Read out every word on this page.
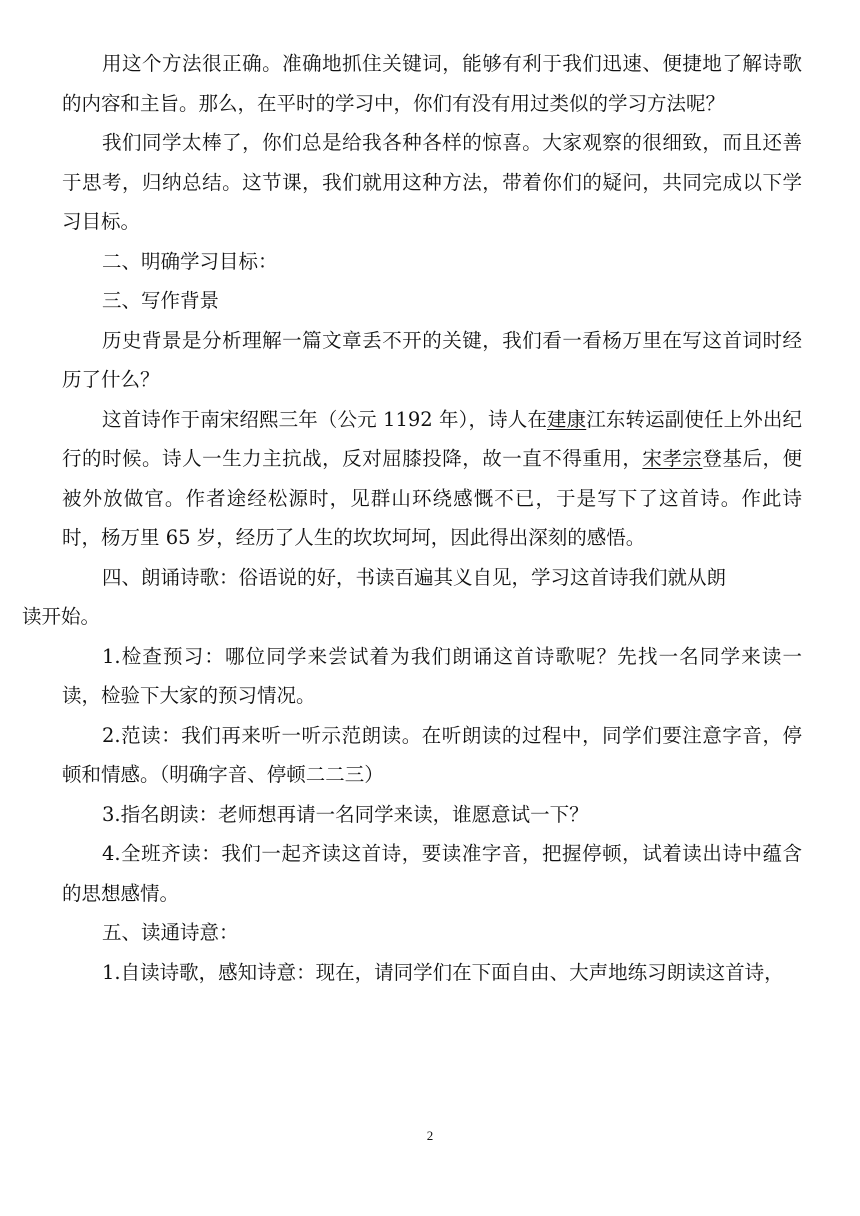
用这个方法很正确。准确地抓住关键词，能够有利于我们迅速、便捷地了解诗歌的内容和主旨。那么，在平时的学习中，你们有没有用过类似的学习方法呢？

我们同学太棒了，你们总是给我各种各样的惊喜。大家观察的很细致，而且还善于思考，归纳总结。这节课，我们就用这种方法，带着你们的疑问，共同完成以下学习目标。

二、明确学习目标：

三、写作背景

历史背景是分析理解一篇文章丢不开的关键，我们看一看杨万里在写这首词时经历了什么？

这首诗作于南宋绍熙三年（公元 1192 年），诗人在建康江东转运副使任上外出纪行的时候。诗人一生力主抗战，反对屈膝投降，故一直不得重用，宋孝宗登基后，便被外放做官。作者途经松源时，见群山环绕感慨不已，于是写下了这首诗。作此诗时，杨万里 65 岁，经历了人生的坎坎坷坷，因此得出深刻的感悟。

四、朗诵诗歌：俗语说的好，书读百遍其义自见，学习这首诗我们就从朗
读开始。

1.检查预习：哪位同学来尝试着为我们朗诵这首诗歌呢？先找一名同学来读一读，检验下大家的预习情况。

2.范读：我们再来听一听示范朗读。在听朗读的过程中，同学们要注意字音，停顿和情感。（明确字音、停顿二二三）

3.指名朗读：老师想再请一名同学来读，谁愿意试一下？

4.全班齐读：我们一起齐读这首诗，要读准字音，把握停顿，试着读出诗中蕴含的思想感情。

五、读通诗意：

1.自读诗歌，感知诗意：现在，请同学们在下面自由、大声地练习朗读这首诗，

2
